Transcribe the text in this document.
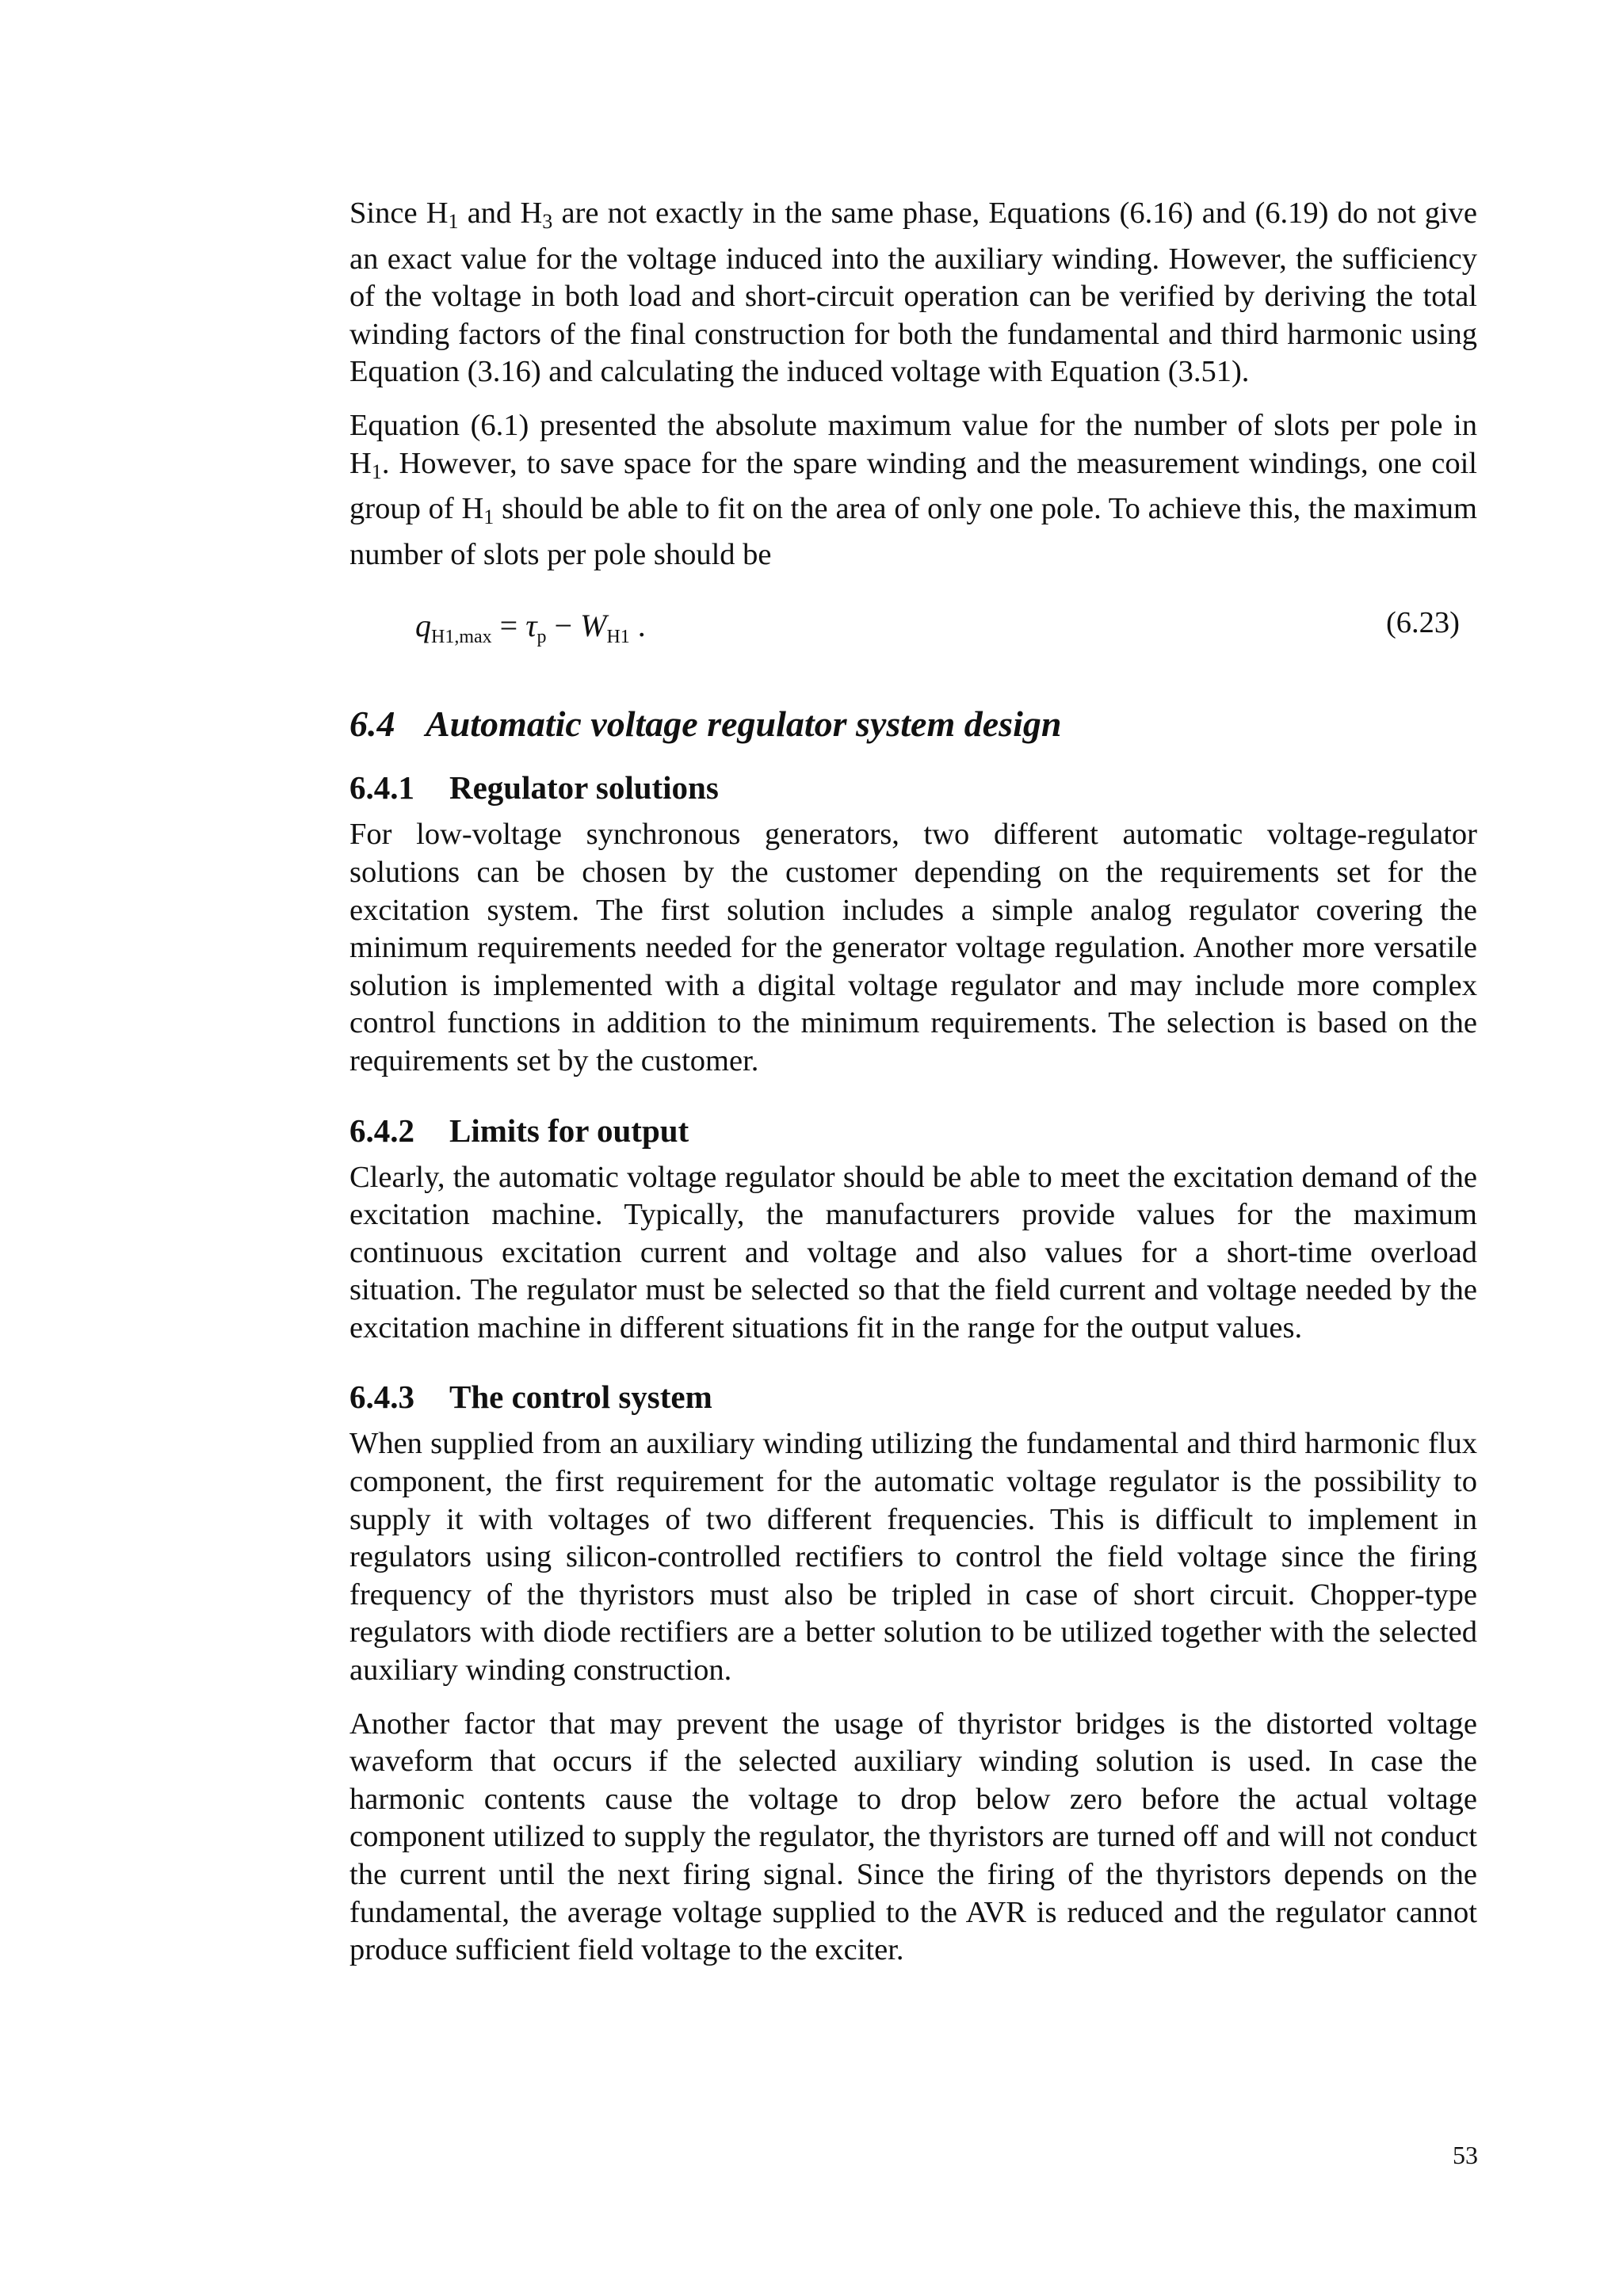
Since $H_1$ and $H_3$ are not exactly in the same phase, Equations (6.16) and (6.19) do not give an exact value for the voltage induced into the auxiliary winding. However, the sufficiency of the voltage in both load and short-circuit operation can be verified by deriving the total winding factors of the final construction for both the fundamental and third harmonic using Equation (3.16) and calculating the induced voltage with Equation (3.51).

Equation (6.1) presented the absolute maximum value for the number of slots per pole in $H_1$. However, to save space for the spare winding and the measurement windings, one coil group of $H_1$ should be able to fit on the area of only one pole. To achieve this, the maximum number of slots per pole should be

$q_{H1,max} = \tau_p - W_{H1}$ .	(6.23)
6.4 Automatic voltage regulator system design
6.4.1 Regulator solutions

For low-voltage synchronous generators, two different automatic voltage-regulator solutions can be chosen by the customer depending on the requirements set for the excitation system. The first solution includes a simple analog regulator covering the minimum requirements needed for the generator voltage regulation. Another more versatile solution is implemented with a digital voltage regulator and may include more complex control functions in addition to the minimum requirements. The selection is based on the requirements set by the customer.

6.4.2 Limits for output

Clearly, the automatic voltage regulator should be able to meet the excitation demand of the excitation machine. Typically, the manufacturers provide values for the maximum continuous excitation current and voltage and also values for a short-time overload situation. The regulator must be selected so that the field current and voltage needed by the excitation machine in different situations fit in the range for the output values.

6.4.3 The control system

When supplied from an auxiliary winding utilizing the fundamental and third harmonic flux component, the first requirement for the automatic voltage regulator is the possibility to supply it with voltages of two different frequencies. This is difficult to implement in regulators using silicon-controlled rectifiers to control the field voltage since the firing frequency of the thyristors must also be tripled in case of short circuit. Chopper-type regulators with diode rectifiers are a better solution to be utilized together with the selected auxiliary winding construction.

Another factor that may prevent the usage of thyristor bridges is the distorted voltage waveform that occurs if the selected auxiliary winding solution is used. In case the harmonic contents cause the voltage to drop below zero before the actual voltage component utilized to supply the regulator, the thyristors are turned off and will not conduct the current until the next firing signal. Since the firing of the thyristors depends on the fundamental, the average voltage supplied to the AVR is reduced and the regulator cannot produce sufficient field voltage to the exciter.

53
